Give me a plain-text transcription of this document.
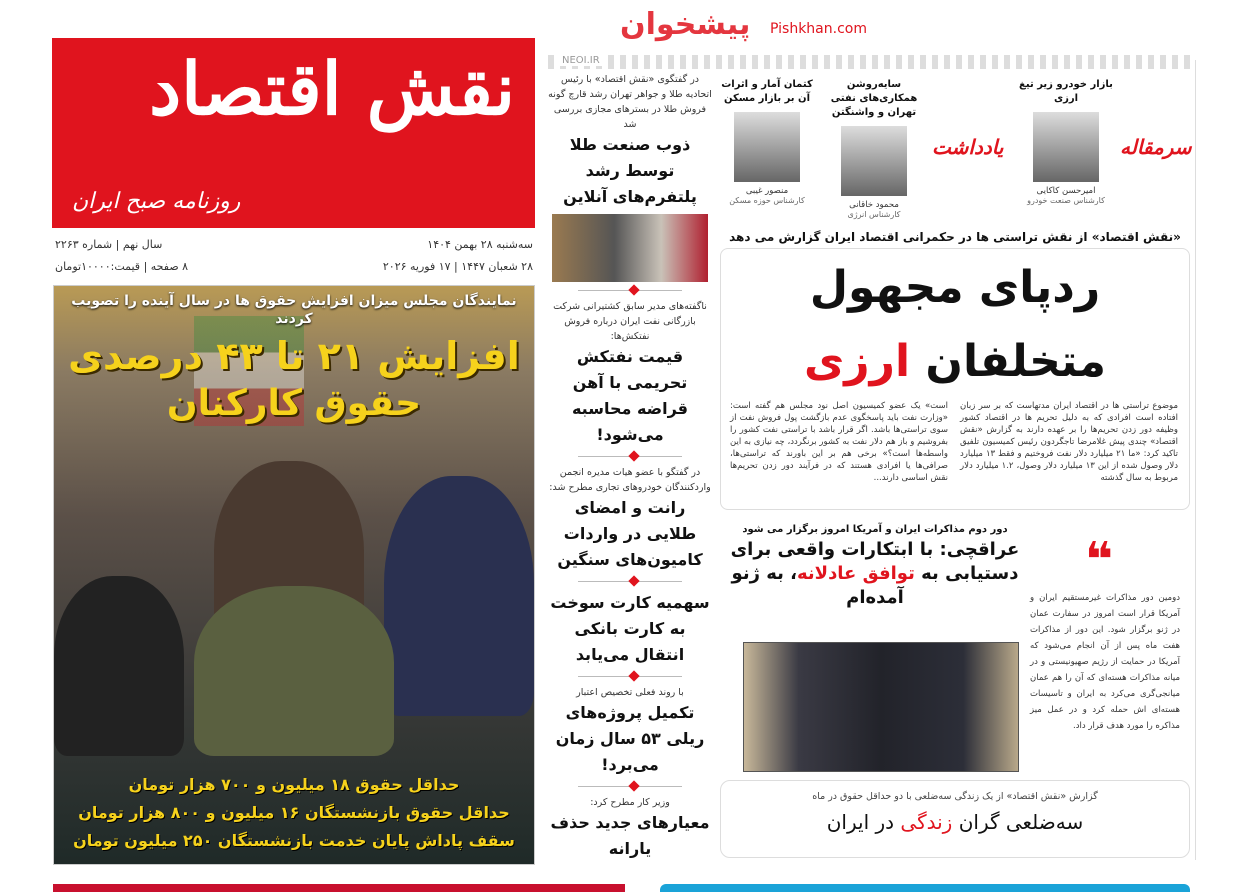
نقش اقتصاد
روزنامه صبح ایران
سه‌شنبه ۲۸ بهمن ۱۴۰۴
۲۸ شعبان ۱۴۴۷ | ۱۷ فوریه ۲۰۲۶
سال نهم | شماره ۲۲۶۳
۸ صفحه | قیمت:۱۰۰۰۰تومان
نمایندگان مجلس میزان افزایش حقوق ها در سال آینده را تصویب کردند
افزایش ۲۱ تا ۴۳ درصدی
حقوق کارکنان
حداقل حقوق ۱۸ میلیون و ۷۰۰ هزار تومان
حداقل حقوق بازنشستگان ۱۶ میلیون و ۸۰۰ هزار تومان
سقف پاداش پایان خدمت بازنشستگان ۲۵۰ میلیون تومان
پیشخوان Pishkhan.com
NEOI.IR

در گفتگوی «نقش اقتصاد» با رئیس اتحادیه طلا و جواهر تهران رشد قارچ گونه فروش طلا در بسترهای مجازی بررسی شد

ذوب صنعت طلا توسط رشد پلتفرم‌های آنلاین

ناگفته‌های مدیر سابق کشتیرانی شرکت بازرگانی نفت ایران درباره فروش نفتکش‌ها:

قیمت نفتکش تحریمی با آهن قراضه محاسبه می‌شود!

در گفتگو با عضو هیات مدیره انجمن واردکنندگان خودروهای تجاری مطرح شد:

رانت و امضای طلایی در واردات کامیون‌های سنگین
سهمیه کارت سوخت به کارت بانکی انتقال می‌یابد

با روند فعلی تخصیص اعتبار

تکمیل پروژه‌های ریلی ۵۳ سال زمان می‌برد!

وزیر کار مطرح کرد:

معیارهای جدید حذف یارانه
سرمقاله
یادداشت
بازار خودرو زیر تیغ ارزی
امیرحسن کاکایی
کارشناس صنعت خودرو
سایه‌روشن همکاری‌های نفتی تهران و واشنگتن
محمود خاقانی
کارشناس انرژی
کتمان آمار و اثرات آن بر بازار مسکن
منصور غیبی
کارشناس حوزه مسکن
«نقش اقتصاد» از نقش تراستی ها در حکمرانی اقتصاد ایران گزارش می دهد
ردپای مجهول
متخلفان ارزی
موضوع تراستی ها در اقتصاد ایران مدتهاست که بر سر زبان افتاده است افرادی که به دلیل تحریم ها در اقتصاد کشور وظیفه دور زدن تحریم‌ها را بر عهده دارند به گزارش «نقش اقتصاد» چندی پیش غلامرضا تاجگردون رئیس کمیسیون تلفیق تاکید کرد: «ما ۲۱ میلیارد دلار نفت فروختیم و فقط ۱۳ میلیارد دلار وصول شده از این ۱۳ میلیارد دلار وصول، ۱.۲ میلیارد دلار مربوط به سال گذشته
است» یک عضو کمیسیون اصل نود مجلس هم گفته است: «وزارت نفت باید پاسخگوی عدم بازگشت پول فروش نفت از سوی تراستی‌ها باشد. اگر قرار باشد با تراستی نفت کشور را بفروشیم و باز هم دلار نفت به کشور برنگردد، چه نیازی به این واسطه‌ها است؟» برخی هم بر این باورند که تراستی‌ها، صرافی‌ها یا افرادی هستند که در فرآیند دور زدن تحریم‌ها نقش اساسی دارند...
دور دوم مذاکرات ایران و آمریکا امروز برگزار می شود
عراقچی: با ابتکارات واقعی برای
دستیابی به توافق عادلانه، به ژنو آمده‌ام
❝
دومین دور مذاکرات غیرمستقیم ایران و آمریکا قرار است امروز در سفارت عمان در ژنو برگزار شود. این دور از مذاکرات هفت ماه پس از آن انجام می‌شود که آمریکا در حمایت از رژیم صهیونیستی و در میانه مذاکرات هسته‌ای که آن را هم عمان میانجی‌گری می‌کرد به ایران و تاسیسات هسته‌ای اش حمله کرد و در عمل میز مذاکره را مورد هدف قرار داد.
گزارش «نقش اقتصاد» از یک زندگی سه‌ضلعی با دو حداقل حقوق در ماه
سه‌ضلعی گران زندگی در ایران
